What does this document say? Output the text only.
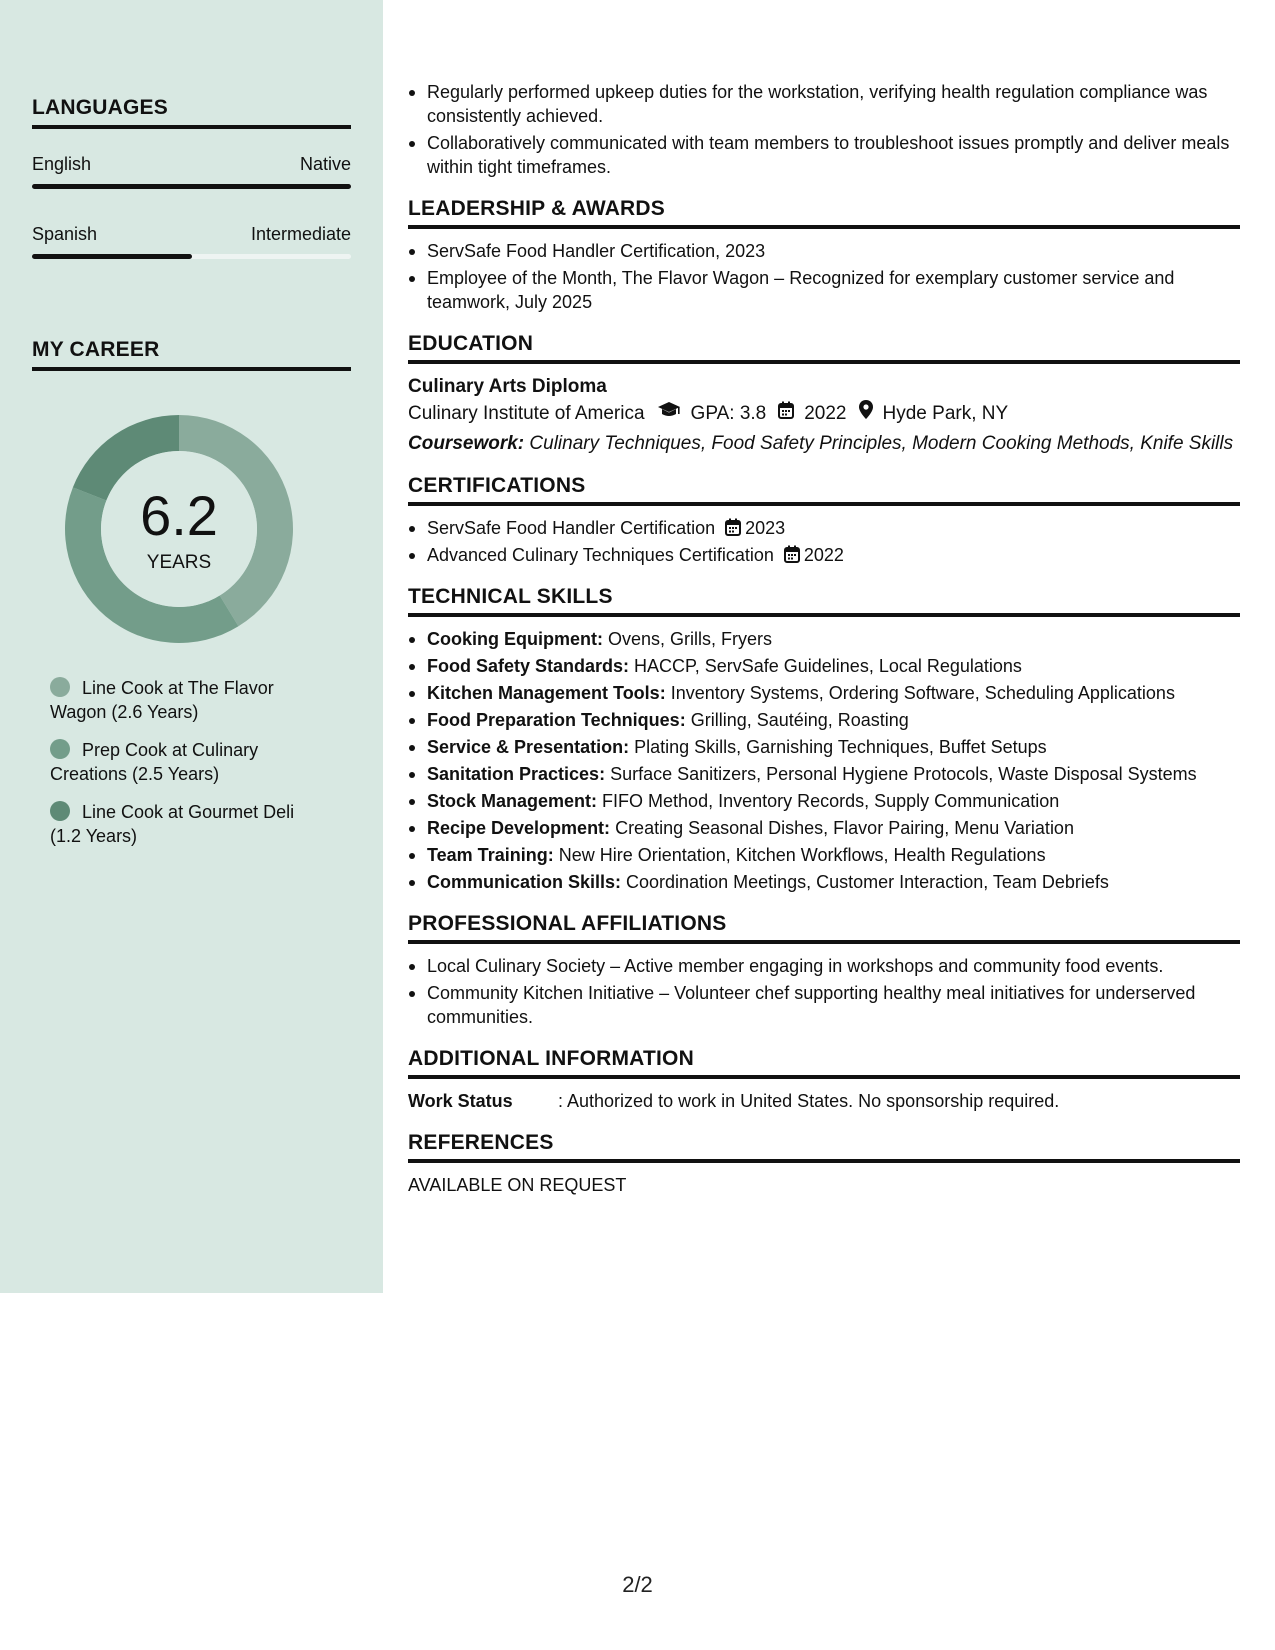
LANGUAGES
English	Native
Spanish	Intermediate
MY CAREER
6.2
YEARS
Line Cook at The Flavor Wagon (2.6 Years)
Prep Cook at Culinary Creations (2.5 Years)
Line Cook at Gourmet Deli (1.2 Years)
Regularly performed upkeep duties for the workstation, verifying health regulation compliance was consistently achieved.
Collaboratively communicated with team members to troubleshoot issues promptly and deliver meals within tight timeframes.
LEADERSHIP & AWARDS
ServSafe Food Handler Certification, 2023
Employee of the Month, The Flavor Wagon – Recognized for exemplary customer service and teamwork, July 2025
EDUCATION
Culinary Arts Diploma
Culinary Institute of America GPA: 3.8 2022 Hyde Park, NY
Coursework: Culinary Techniques, Food Safety Principles, Modern Cooking Methods, Knife Skills
CERTIFICATIONS
ServSafe Food Handler Certification 2023
Advanced Culinary Techniques Certification 2022
TECHNICAL SKILLS
Cooking Equipment: Ovens, Grills, Fryers
Food Safety Standards: HACCP, ServSafe Guidelines, Local Regulations
Kitchen Management Tools: Inventory Systems, Ordering Software, Scheduling Applications
Food Preparation Techniques: Grilling, Sautéing, Roasting
Service & Presentation: Plating Skills, Garnishing Techniques, Buffet Setups
Sanitation Practices: Surface Sanitizers, Personal Hygiene Protocols, Waste Disposal Systems
Stock Management: FIFO Method, Inventory Records, Supply Communication
Recipe Development: Creating Seasonal Dishes, Flavor Pairing, Menu Variation
Team Training: New Hire Orientation, Kitchen Workflows, Health Regulations
Communication Skills: Coordination Meetings, Customer Interaction, Team Debriefs
PROFESSIONAL AFFILIATIONS
Local Culinary Society – Active member engaging in workshops and community food events.
Community Kitchen Initiative – Volunteer chef supporting healthy meal initiatives for underserved communities.
ADDITIONAL INFORMATION
Work Status	: Authorized to work in United States. No sponsorship required.
REFERENCES
AVAILABLE ON REQUEST
2/2
